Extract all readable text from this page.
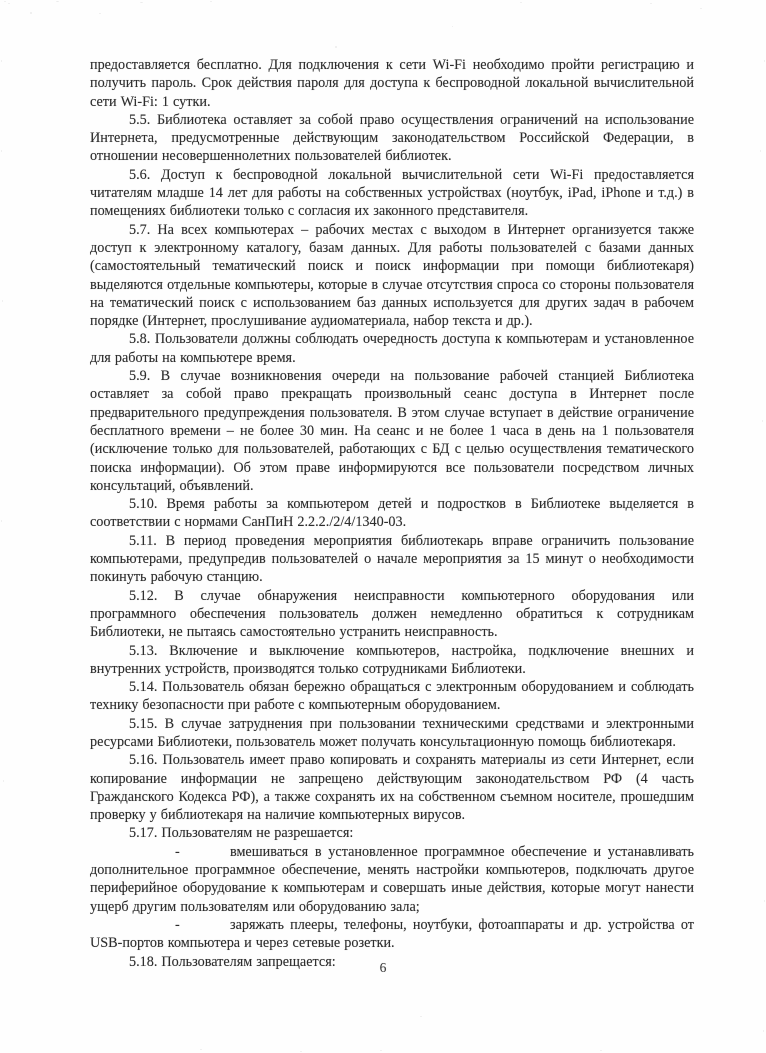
предоставляется бесплатно. Для подключения к сети Wi-Fi необходимо пройти регистрацию и получить пароль. Срок действия пароля для доступа к беспроводной локальной вычислительной сети Wi-Fi: 1 сутки.

5.5. Библиотека оставляет за собой право осуществления ограничений на использование Интернета, предусмотренные действующим законодательством Российской Федерации, в отношении несовершеннолетних пользователей библиотек.

5.6. Доступ к беспроводной локальной вычислительной сети Wi-Fi предоставляется читателям младше 14 лет для работы на собственных устройствах (ноутбук, iPad, iPhone и т.д.) в помещениях библиотеки только с согласия их законного представителя.

5.7. На всех компьютерах – рабочих местах с выходом в Интернет организуется также доступ к электронному каталогу, базам данных. Для работы пользователей с базами данных (самостоятельный тематический поиск и поиск информации при помощи библиотекаря) выделяются отдельные компьютеры, которые в случае отсутствия спроса со стороны пользователя на тематический поиск с использованием баз данных используется для других задач в рабочем порядке (Интернет, прослушивание аудиоматериала, набор текста и др.).

5.8. Пользователи должны соблюдать очередность доступа к компьютерам и установленное для работы на компьютере время.

5.9. В случае возникновения очереди на пользование рабочей станцией Библиотека оставляет за собой право прекращать произвольный сеанс доступа в Интернет после предварительного предупреждения пользователя. В этом случае вступает в действие ограничение бесплатного времени – не более 30 мин. На сеанс и не более 1 часа в день на 1 пользователя (исключение только для пользователей, работающих с БД с целью осуществления тематического поиска информации). Об этом праве информируются все пользователи посредством личных консультаций, объявлений.

5.10. Время работы за компьютером детей и подростков в Библиотеке выделяется в соответствии с нормами СанПиН 2.2.2./2/4/1340-03.

5.11. В период проведения мероприятия библиотекарь вправе ограничить пользование компьютерами, предупредив пользователей о начале мероприятия за 15 минут о необходимости покинуть рабочую станцию.

5.12. В случае обнаружения неисправности компьютерного оборудования или программного обеспечения пользователь должен немедленно обратиться к сотрудникам Библиотеки, не пытаясь самостоятельно устранить неисправность.

5.13. Включение и выключение компьютеров, настройка, подключение внешних и внутренних устройств, производятся только сотрудниками Библиотеки.

5.14. Пользователь обязан бережно обращаться с электронным оборудованием и соблюдать технику безопасности при работе с компьютерным оборудованием.

5.15. В случае затруднения при пользовании техническими средствами и электронными ресурсами Библиотеки, пользователь может получать консультационную помощь библиотекаря.

5.16. Пользователь имеет право копировать и сохранять материалы из сети Интернет, если копирование информации не запрещено действующим законодательством РФ (4 часть Гражданского Кодекса РФ), а также сохранять их на собственном съемном носителе, прошедшим проверку у библиотекаря на наличие компьютерных вирусов.

5.17. Пользователям не разрешается:

-	вмешиваться в установленное программное обеспечение и устанавливать дополнительное программное обеспечение, менять настройки компьютеров, подключать другое периферийное оборудование к компьютерам и совершать иные действия, которые могут нанести ущерб другим пользователям или оборудованию зала;

-	заряжать плееры, телефоны, ноутбуки, фотоаппараты и др. устройства от USB-портов компьютера и через сетевые розетки.

5.18. Пользователям запрещается:	6
